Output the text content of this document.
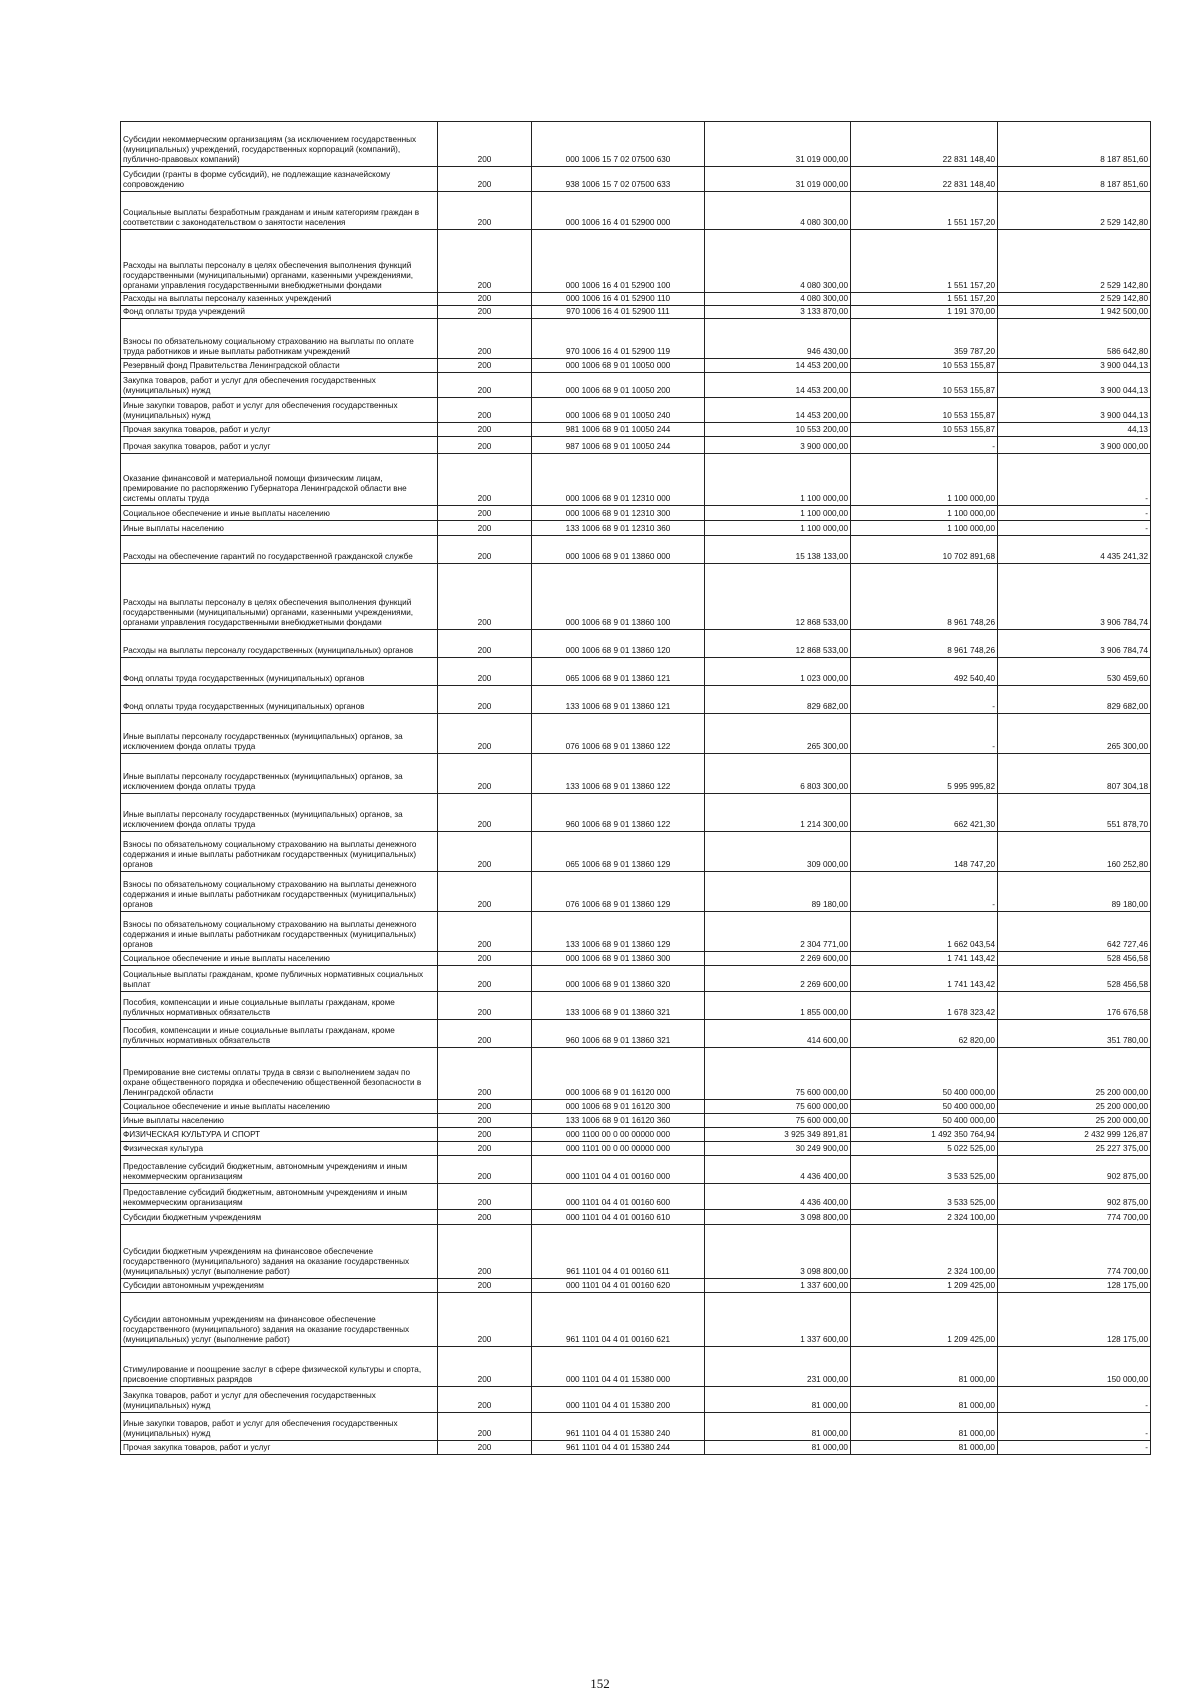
Субсидии некоммерческим организациям (за исключением государственных (муниципальных) учреждений, государственных корпораций (компаний), публично-правовых компаний)	200	000 1006 15 7 02 07500 630	31 019 000,00	22 831 148,40	8 187 851,60
Субсидии (гранты в форме субсидий), не подлежащие казначейскому сопровождению	200	938 1006 15 7 02 07500 633	31 019 000,00	22 831 148,40	8 187 851,60
Социальные выплаты безработным гражданам и иным категориям граждан в соответствии с законодательством о занятости населения	200	000 1006 16 4 01 52900 000	4 080 300,00	1 551 157,20	2 529 142,80
Расходы на выплаты персоналу в целях обеспечения выполнения функций государственными (муниципальными) органами, казенными учреждениями, органами управления государственными внебюджетными фондами	200	000 1006 16 4 01 52900 100	4 080 300,00	1 551 157,20	2 529 142,80
Расходы на выплаты персоналу казенных учреждений	200	000 1006 16 4 01 52900 110	4 080 300,00	1 551 157,20	2 529 142,80
Фонд оплаты труда учреждений	200	970 1006 16 4 01 52900 111	3 133 870,00	1 191 370,00	1 942 500,00
Взносы по обязательному социальному страхованию на выплаты по оплате труда работников и иные выплаты работникам учреждений	200	970 1006 16 4 01 52900 119	946 430,00	359 787,20	586 642,80
Резервный фонд Правительства Ленинградской области	200	000 1006 68 9 01 10050 000	14 453 200,00	10 553 155,87	3 900 044,13
Закупка товаров, работ и услуг для обеспечения государственных (муниципальных) нужд	200	000 1006 68 9 01 10050 200	14 453 200,00	10 553 155,87	3 900 044,13
Иные закупки товаров, работ и услуг для обеспечения государственных (муниципальных) нужд	200	000 1006 68 9 01 10050 240	14 453 200,00	10 553 155,87	3 900 044,13
Прочая закупка товаров, работ и услуг	200	981 1006 68 9 01 10050 244	10 553 200,00	10 553 155,87	44,13
Прочая закупка товаров, работ и услуг	200	987 1006 68 9 01 10050 244	3 900 000,00	-	3 900 000,00
Оказание финансовой и материальной помощи физическим лицам, премирование по распоряжению Губернатора Ленинградской области вне системы оплаты труда	200	000 1006 68 9 01 12310 000	1 100 000,00	1 100 000,00	-
Социальное обеспечение и иные выплаты населению	200	000 1006 68 9 01 12310 300	1 100 000,00	1 100 000,00	-
Иные выплаты населению	200	133 1006 68 9 01 12310 360	1 100 000,00	1 100 000,00	-
Расходы на обеспечение гарантий по государственной гражданской службе	200	000 1006 68 9 01 13860 000	15 138 133,00	10 702 891,68	4 435 241,32
Расходы на выплаты персоналу в целях обеспечения выполнения функций государственными (муниципальными) органами, казенными учреждениями, органами управления государственными внебюджетными фондами	200	000 1006 68 9 01 13860 100	12 868 533,00	8 961 748,26	3 906 784,74
Расходы на выплаты персоналу государственных (муниципальных) органов	200	000 1006 68 9 01 13860 120	12 868 533,00	8 961 748,26	3 906 784,74
Фонд оплаты труда государственных (муниципальных) органов	200	065 1006 68 9 01 13860 121	1 023 000,00	492 540,40	530 459,60
Фонд оплаты труда государственных (муниципальных) органов	200	133 1006 68 9 01 13860 121	829 682,00	-	829 682,00
Иные выплаты персоналу государственных (муниципальных) органов, за исключением фонда оплаты труда	200	076 1006 68 9 01 13860 122	265 300,00	-	265 300,00
Иные выплаты персоналу государственных (муниципальных) органов, за исключением фонда оплаты труда	200	133 1006 68 9 01 13860 122	6 803 300,00	5 995 995,82	807 304,18
Иные выплаты персоналу государственных (муниципальных) органов, за исключением фонда оплаты труда	200	960 1006 68 9 01 13860 122	1 214 300,00	662 421,30	551 878,70
Взносы по обязательному социальному страхованию на выплаты денежного содержания и иные выплаты работникам государственных (муниципальных) органов	200	065 1006 68 9 01 13860 129	309 000,00	148 747,20	160 252,80
Взносы по обязательному социальному страхованию на выплаты денежного содержания и иные выплаты работникам государственных (муниципальных) органов	200	076 1006 68 9 01 13860 129	89 180,00	-	89 180,00
Взносы по обязательному социальному страхованию на выплаты денежного содержания и иные выплаты работникам государственных (муниципальных) органов	200	133 1006 68 9 01 13860 129	2 304 771,00	1 662 043,54	642 727,46
Социальное обеспечение и иные выплаты населению	200	000 1006 68 9 01 13860 300	2 269 600,00	1 741 143,42	528 456,58
Социальные выплаты гражданам, кроме публичных нормативных социальных выплат	200	000 1006 68 9 01 13860 320	2 269 600,00	1 741 143,42	528 456,58
Пособия, компенсации и иные социальные выплаты гражданам, кроме публичных нормативных обязательств	200	133 1006 68 9 01 13860 321	1 855 000,00	1 678 323,42	176 676,58
Пособия, компенсации и иные социальные выплаты гражданам, кроме публичных нормативных обязательств	200	960 1006 68 9 01 13860 321	414 600,00	62 820,00	351 780,00
Премирование вне системы оплаты труда в связи с выполнением задач по охране общественного порядка и обеспечению общественной безопасности в Ленинградской области	200	000 1006 68 9 01 16120 000	75 600 000,00	50 400 000,00	25 200 000,00
Социальное обеспечение и иные выплаты населению	200	000 1006 68 9 01 16120 300	75 600 000,00	50 400 000,00	25 200 000,00
Иные выплаты населению	200	133 1006 68 9 01 16120 360	75 600 000,00	50 400 000,00	25 200 000,00
ФИЗИЧЕСКАЯ КУЛЬТУРА И СПОРТ	200	000 1100 00 0 00 00000 000	3 925 349 891,81	1 492 350 764,94	2 432 999 126,87
Физическая культура	200	000 1101 00 0 00 00000 000	30 249 900,00	5 022 525,00	25 227 375,00
Предоставление субсидий бюджетным, автономным учреждениям и иным некоммерческим организациям	200	000 1101 04 4 01 00160 000	4 436 400,00	3 533 525,00	902 875,00
Предоставление субсидий бюджетным, автономным учреждениям и иным некоммерческим организациям	200	000 1101 04 4 01 00160 600	4 436 400,00	3 533 525,00	902 875,00
Субсидии бюджетным учреждениям	200	000 1101 04 4 01 00160 610	3 098 800,00	2 324 100,00	774 700,00
Субсидии бюджетным учреждениям на финансовое обеспечение государственного (муниципального) задания на оказание государственных (муниципальных) услуг (выполнение работ)	200	961 1101 04 4 01 00160 611	3 098 800,00	2 324 100,00	774 700,00
Субсидии автономным учреждениям	200	000 1101 04 4 01 00160 620	1 337 600,00	1 209 425,00	128 175,00
Субсидии автономным учреждениям на финансовое обеспечение государственного (муниципального) задания на оказание государственных (муниципальных) услуг (выполнение работ)	200	961 1101 04 4 01 00160 621	1 337 600,00	1 209 425,00	128 175,00
Стимулирование и поощрение заслуг в сфере физической культуры и спорта, присвоение спортивных разрядов	200	000 1101 04 4 01 15380 000	231 000,00	81 000,00	150 000,00
Закупка товаров, работ и услуг для обеспечения государственных (муниципальных) нужд	200	000 1101 04 4 01 15380 200	81 000,00	81 000,00	-
Иные закупки товаров, работ и услуг для обеспечения государственных (муниципальных) нужд	200	961 1101 04 4 01 15380 240	81 000,00	81 000,00	-
Прочая закупка товаров, работ и услуг	200	961 1101 04 4 01 15380 244	81 000,00	81 000,00	-
152
